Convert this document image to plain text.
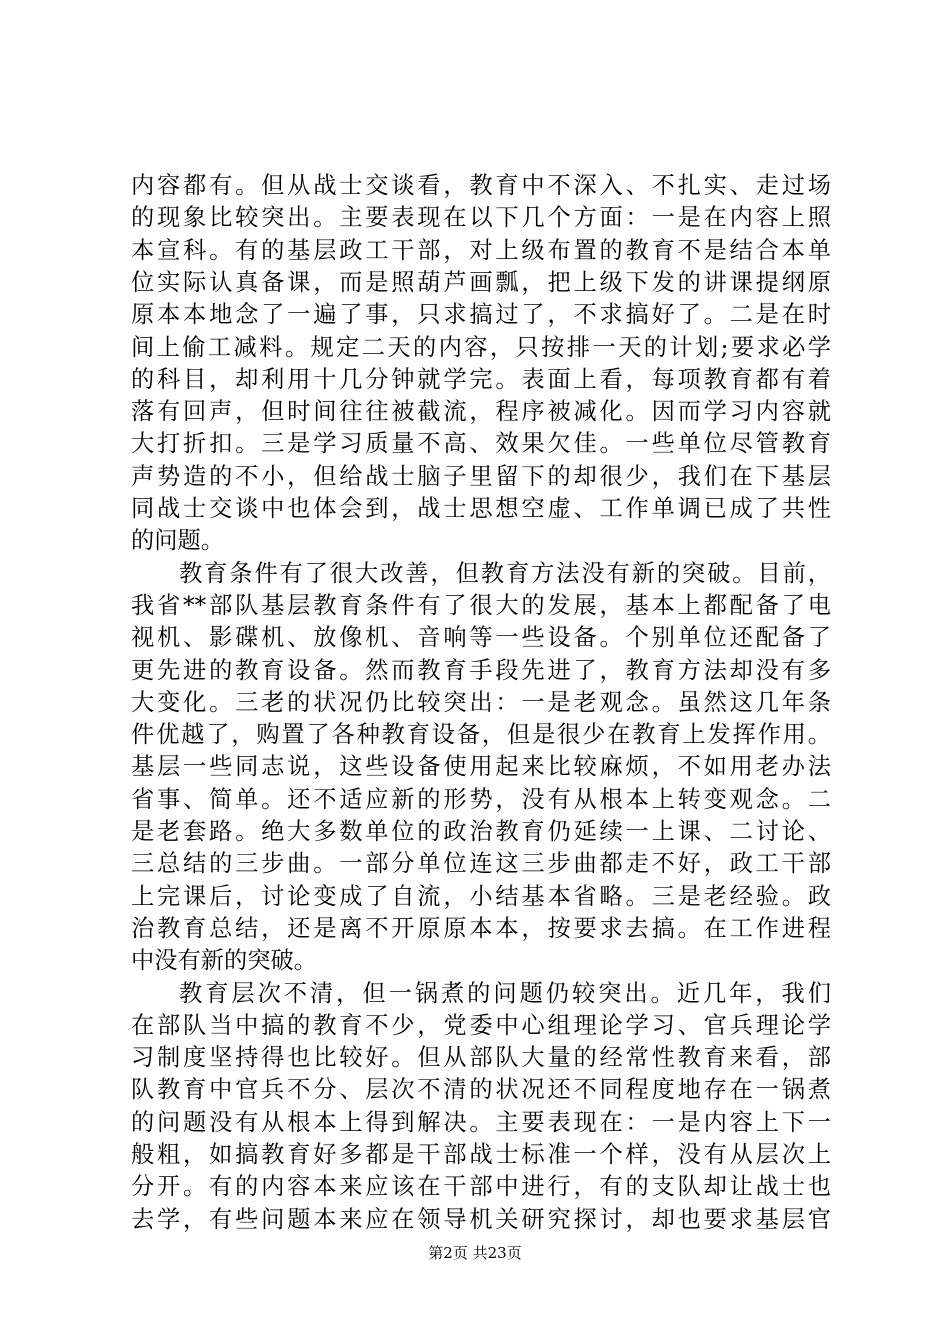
内容都有。但从战士交谈看，教育中不深入、不扎实、走过场
的现象比较突出。主要表现在以下几个方面：一是在内容上照
本宣科。有的基层政工干部，对上级布置的教育不是结合本单
位实际认真备课，而是照葫芦画瓢，把上级下发的讲课提纲原
原本本地念了一遍了事，只求搞过了，不求搞好了。二是在时
间上偷工减料。规定二天的内容，只按排一天的计划;要求必学
的科目，却利用十几分钟就学完。表面上看，每项教育都有着
落有回声，但时间往往被截流，程序被减化。因而学习内容就
大打折扣。三是学习质量不高、效果欠佳。一些单位尽管教育
声势造的不小，但给战士脑子里留下的却很少，我们在下基层
同战士交谈中也体会到，战士思想空虚、工作单调已成了共性
的问题。
教育条件有了很大改善，但教育方法没有新的突破。目前，
我省**部队基层教育条件有了很大的发展，基本上都配备了电
视机、影碟机、放像机、音响等一些设备。个别单位还配备了
更先进的教育设备。然而教育手段先进了，教育方法却没有多
大变化。三老的状况仍比较突出：一是老观念。虽然这几年条
件优越了，购置了各种教育设备，但是很少在教育上发挥作用。
基层一些同志说，这些设备使用起来比较麻烦，不如用老办法
省事、简单。还不适应新的形势，没有从根本上转变观念。二
是老套路。绝大多数单位的政治教育仍延续一上课、二讨论、
三总结的三步曲。一部分单位连这三步曲都走不好，政工干部
上完课后，讨论变成了自流，小结基本省略。三是老经验。政
治教育总结，还是离不开原原本本，按要求去搞。在工作进程
中没有新的突破。
教育层次不清，但一锅煮的问题仍较突出。近几年，我们
在部队当中搞的教育不少，党委中心组理论学习、官兵理论学
习制度坚持得也比较好。但从部队大量的经常性教育来看，部
队教育中官兵不分、层次不清的状况还不同程度地存在一锅煮
的问题没有从根本上得到解决。主要表现在：一是内容上下一
般粗，如搞教育好多都是干部战士标准一个样，没有从层次上
分开。有的内容本来应该在干部中进行，有的支队却让战士也
去学，有些问题本来应在领导机关研究探讨，却也要求基层官
第2页 共23页
